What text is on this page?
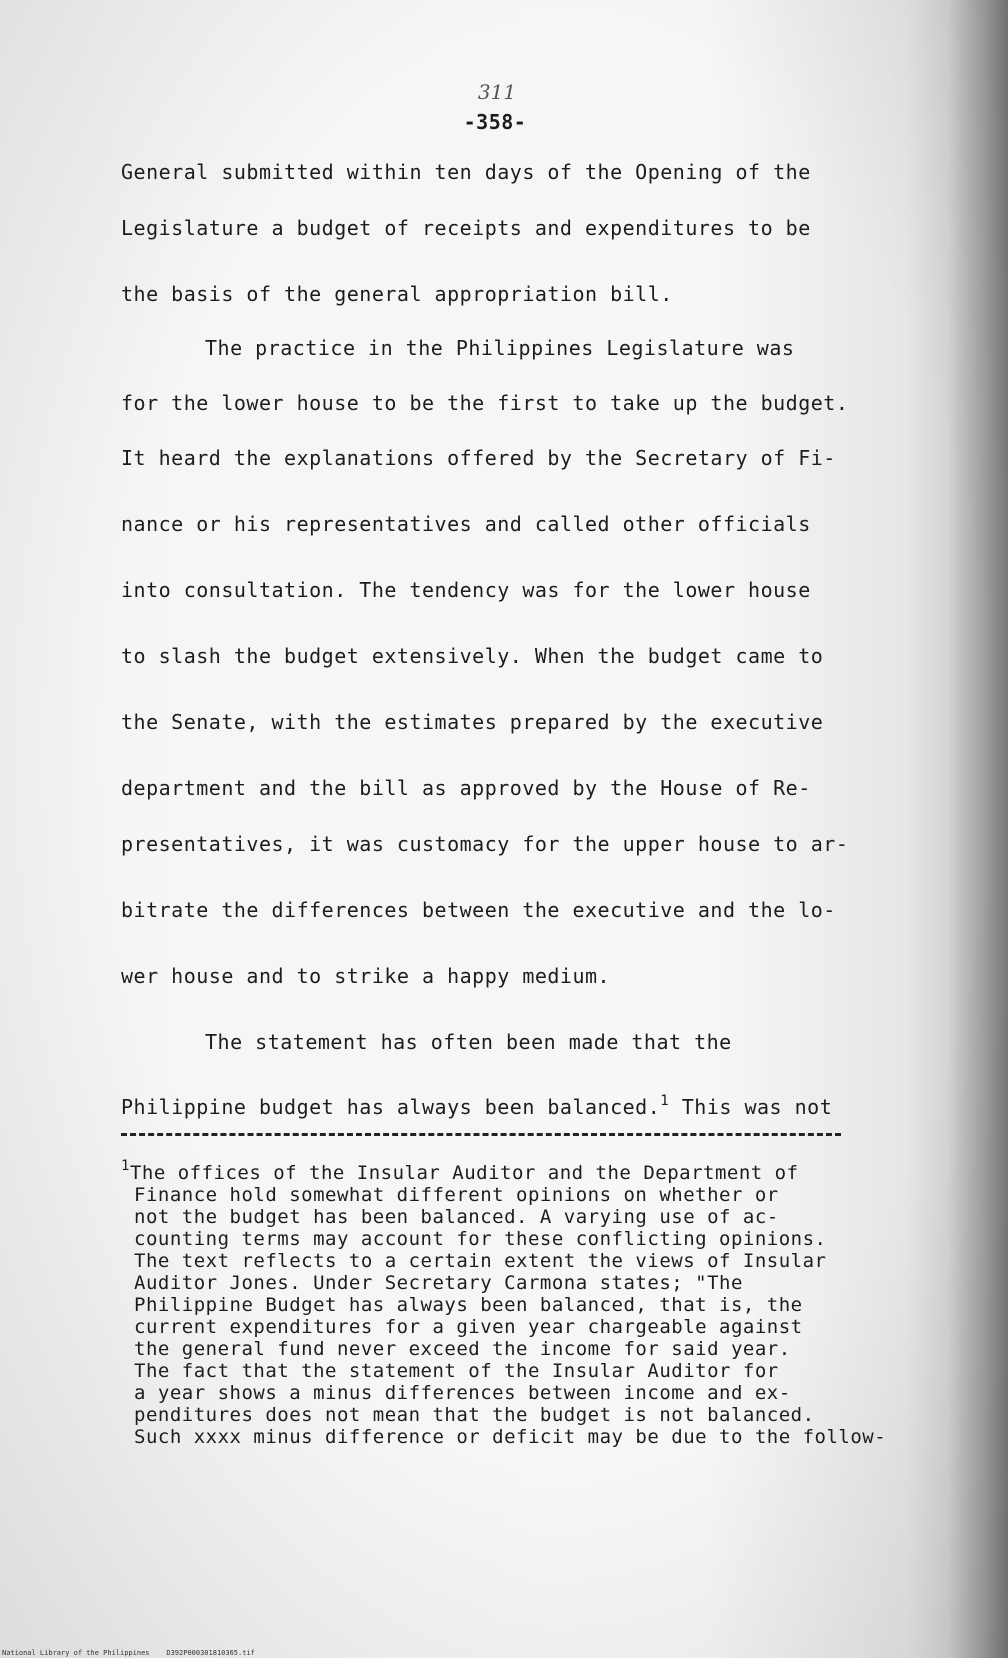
311
-358-
General submitted within ten days of the Opening of the
Legislature a budget of receipts and expenditures to be
the basis of the general appropriation bill.
The practice in the Philippines Legislature was
for the lower house to be the first to take up the budget.
It heard the explanations offered by the Secretary of Fi-
nance or his representatives and called other officials
into consultation. The tendency was for the lower house
to slash the budget extensively. When the budget came to
the Senate, with the estimates prepared by the executive
department and the bill as approved by the House of Re-
presentatives, it was customacy for the upper house to ar-
bitrate the differences between the executive and the lo-
wer house and to strike a happy medium.
The statement has often been made that the
Philippine budget has always been balanced.$^1$ This was not
$^1$The offices of the Insular Auditor and the Department of
Finance hold somewhat different opinions on whether or
not the budget has been balanced. A varying use of ac-
counting terms may account for these conflicting opinions.
The text reflects to a certain extent the views of Insular
Auditor Jones. Under Secretary Carmona states; "The
Philippine Budget has always been balanced, that is, the
current expenditures for a given year chargeable against
the general fund never exceed the income for said year.
The fact that the statement of the Insular Auditor for
a year shows a minus differences between income and ex-
penditures does not mean that the budget is not balanced.
Such xxxx minus difference or deficit may be due to the follow-
National Library of the Philippines D392P000301810365.tif
